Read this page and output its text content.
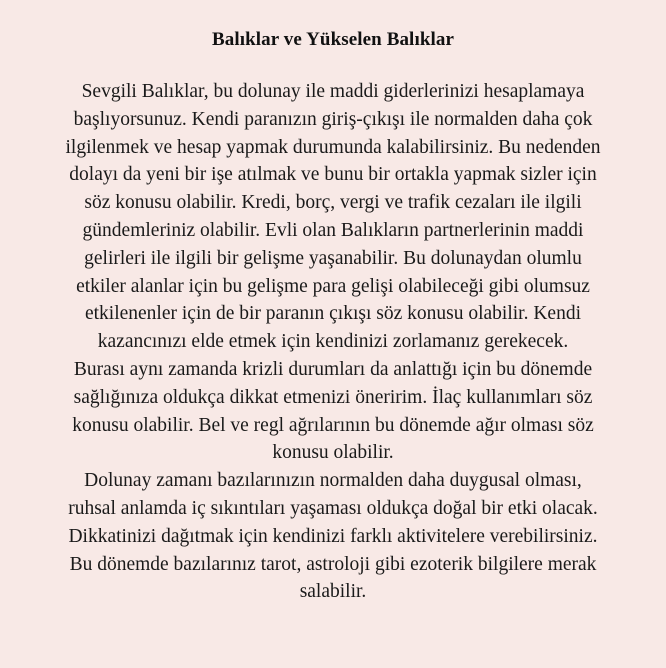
Balıklar ve Yükselen Balıklar
Sevgili Balıklar, bu dolunay ile maddi giderlerinizi hesaplamaya
başlıyorsunuz. Kendi paranızın giriş-çıkışı ile normalden daha çok
ilgilenmek ve hesap yapmak durumunda kalabilirsiniz. Bu nedenden
dolayı da yeni bir işe atılmak ve bunu bir ortakla yapmak sizler için
söz konusu olabilir. Kredi, borç, vergi ve trafik cezaları ile ilgili
gündemleriniz olabilir. Evli olan Balıkların partnerlerinin maddi
gelirleri ile ilgili bir gelişme yaşanabilir. Bu dolunaydan olumlu
etkiler alanlar için bu gelişme para gelişi olabileceği gibi olumsuz
etkilenenler için de bir paranın çıkışı söz konusu olabilir. Kendi
kazancınızı elde etmek için kendinizi zorlamanız gerekecek.
Burası aynı zamanda krizli durumları da anlattığı için bu dönemde
sağlığınıza oldukça dikkat etmenizi öneririm. İlaç kullanımları söz
konusu olabilir. Bel ve regl ağrılarının bu dönemde ağır olması söz
konusu olabilir.
Dolunay zamanı bazılarınızın normalden daha duygusal olması,
ruhsal anlamda iç sıkıntıları yaşaması oldukça doğal bir etki olacak.
Dikkatinizi dağıtmak için kendinizi farklı aktivitelere verebilirsiniz.
Bu dönemde bazılarınız tarot, astroloji gibi ezoterik bilgilere merak
salabilir.
